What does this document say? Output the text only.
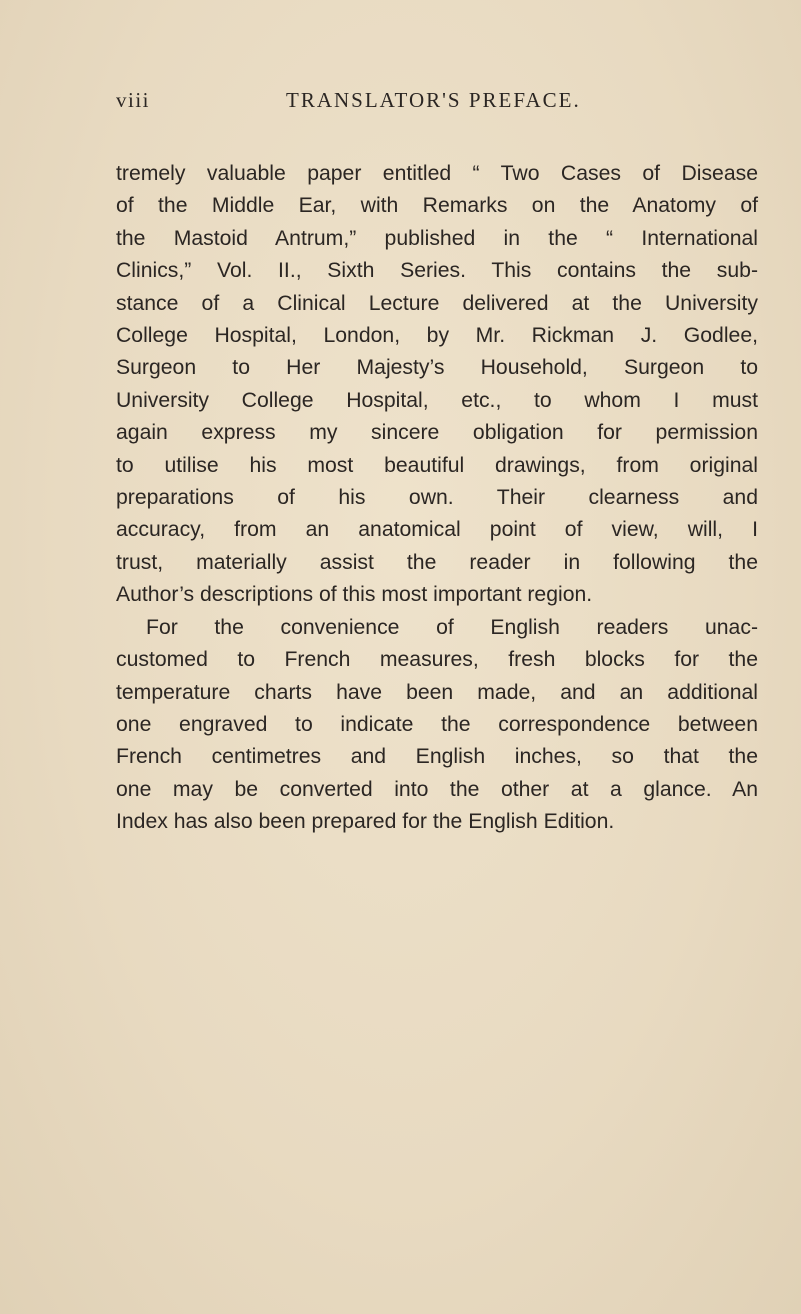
viii	TRANSLATOR'S PREFACE.

tremely valuable paper entitled “ Two Cases of Disease
of the Middle Ear, with Remarks on the Anatomy of
the Mastoid Antrum,” published in the “ International
Clinics,” Vol. II., Sixth Series. This contains the sub-
stance of a Clinical Lecture delivered at the University
College Hospital, London, by Mr. Rickman J. Godlee,
Surgeon to Her Majesty’s Household, Surgeon to
University College Hospital, etc., to whom I must
again express my sincere obligation for permission
to utilise his most beautiful drawings, from original
preparations of his own. Their clearness and
accuracy, from an anatomical point of view, will, I
trust, materially assist the reader in following the
Author’s descriptions of this most important region.

For the convenience of English readers unac-
customed to French measures, fresh blocks for the
temperature charts have been made, and an additional
one engraved to indicate the correspondence between
French centimetres and English inches, so that the
one may be converted into the other at a glance. An
Index has also been prepared for the English Edition.
